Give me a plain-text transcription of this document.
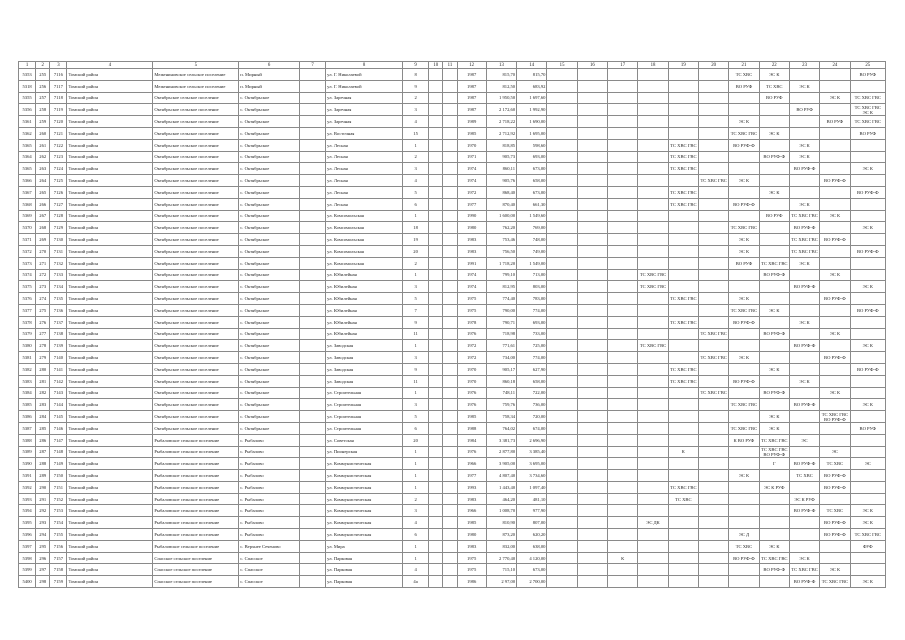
1	2	3	4	5	6	7	8	9	10	11	12	13	14	15	16	17	18	19	20	21	22	23	24	25
5353	255	7116	Томский район	Межениновское сельское поселение	п. Мирный		ул. Г. Николаевой	8			1987	815,70	815,70							ТС ХВС	ЭС К			ВО РУФ
5318	256	7117	Томский район	Межениновское сельское поселение	п. Мирный		ул. Г. Николаевой	9			1987	812,50	683,92							ВО РУФ	ТС ХВС	ЭС К		
5355	257	7118	Томский район	Октябрьское сельское поселение	с. Октябрьское		ул. Заречная	2			1987	1 950,50	1 697,60								ВО РУФ		ЭС К	ТС ХВС ГВС
5356	258	7119	Томский район	Октябрьское сельское поселение	с. Октябрьское		ул. Заречная	3			1987	2 172,60	1 992,90									ВО РУФ		ТС ХВС ГВС ЭС К
5361	259	7120	Томский район	Октябрьское сельское поселение	с. Октябрьское		ул. Заречная	4			1989	2 718,22	1 690,00							ЭС К			ВО РУФ	ТС ХВС ГВС
5362	260	7121	Томский район	Октябрьское сельское поселение	с. Октябрьское		ул. Восточная	15			1985	2 712,92	1 695,00							ТС ХВС ГВС	ЭС К			ВО РУФ
5365	261	7122	Томский район	Октябрьское сельское поселение	с. Октябрьское		ул. Лесная	1			1970	818,85	598,60					ТС ХВС ГВС		ВО РУФ-Ф		ЭС К		
5364	262	7123	Томский район	Октябрьское сельское поселение	с. Октябрьское		ул. Лесная	2			1971	905,73	693,00					ТС ХВС ГВС			ВО РУФ-Ф	ЭС К		
5365	263	7124	Томский район	Октябрьское сельское поселение	с. Октябрьское		ул. Лесная	3			1974	860,11	673,00					ТС ХВС ГВС				ВО РУФ-Ф		ЭС К
5366	264	7125	Томский район	Октябрьское сельское поселение	с. Октябрьское		ул. Лесная	4			1974	905,76	658,00						ТС ХВС ГВС	ЭС К			ВО РУФ-Ф	
5367	265	7126	Томский район	Октябрьское сельское поселение	с. Октябрьское		ул. Лесная	5			1972	868,40	673,00					ТС ХВС ГВС			ЭС К			ВО РУФ-Ф
5368	266	7127	Томский район	Октябрьское сельское поселение	с. Октябрьское		ул. Лесная	6			1977	870,40	661,30					ТС ХВС ГВС		ВО РУФ-Ф		ЭС К		
5369	267	7128	Томский район	Октябрьское сельское поселение	с. Октябрьское		ул. Комсомольская	1			1990	1 600,00	1 549,60								ВО РУФ	ТС ХВС ГВС	ЭС К	
5370	268	7129	Томский район	Октябрьское сельское поселение	с. Октябрьское		ул. Комсомольская	18			1980	762,20	769,00							ТС ХВС ГВС		ВО РУФ-Ф		ЭС К
5371	269	7130	Томский район	Октябрьское сельское поселение	с. Октябрьское		ул. Комсомольская	19			1983	753,46	748,00							ЭС К		ТС ХВС ГВС	ВО РУФ-Ф	
5372	270	7131	Томский район	Октябрьское сельское поселение	с. Октябрьское		ул. Комсомольская	20			1983	756,50	749,00							ЭС К		ТС ХВС ГВС		ВО РУФ-Ф
5373	271	7132	Томский район	Октябрьское сельское поселение	с. Октябрьское		ул. Комсомольская	2			1991	1 718,20	1 549,00							ВО РУФ	ТС ХВС ГВС	ЭС К		
5374	272	7133	Томский район	Октябрьское сельское поселение	с. Октябрьское		ул. Юбилейная	1			1974	799,10	713,00				ТС ХВС ГВС				ВО РУФ-Ф		ЭС К	
5375	273	7134	Томский район	Октябрьское сельское поселение	с. Октябрьское		ул. Юбилейная	3			1974	812,95	803,00				ТС ХВС ГВС					ВО РУФ-Ф		ЭС К
5376	274	7135	Томский район	Октябрьское сельское поселение	с. Октябрьское		ул. Юбилейная	5			1975	774,40	783,00					ТС ХВС ГВС		ЭС К			ВО РУФ-Ф	
5377	275	7136	Томский район	Октябрьское сельское поселение	с. Октябрьское		ул. Юбилейная	7			1975	790,00	774,00							ТС ХВС ГВС	ЭС К			ВО РУФ-Ф
5378	276	7137	Томский район	Октябрьское сельское поселение	с. Октябрьское		ул. Юбилейная	9			1978	790,71	693,00					ТС ХВС ГВС		ВО РУФ-Ф		ЭС К		
5379	277	7138	Томский район	Октябрьское сельское поселение	с. Октябрьское		ул. Юбилейная	11			1976	718,98	733,00						ТС ХВС ГВС		ВО РУФ-Ф		ЭС К	
5380	278	7139	Томский район	Октябрьское сельское поселение	с. Октябрьское		ул. Заводская	1			1972	771,61	725,00				ТС ХВС ГВС					ВО РУФ-Ф		ЭС К
5381	279	7140	Томский район	Октябрьское сельское поселение	с. Октябрьское		ул. Заводская	3			1972	734,00	774,00						ТС ХВС ГВС	ЭС К			ВО РУФ-Ф	
5382	280	7141	Томский район	Октябрьское сельское поселение	с. Октябрьское		ул. Заводская	9			1970	905,17	627,90					ТС ХВС ГВС			ЭС К			ВО РУФ-Ф
5383	281	7142	Томский район	Октябрьское сельское поселение	с. Октябрьское		ул. Заводская	11			1970	860,18	658,00					ТС ХВС ГВС		ВО РУФ-Ф		ЭС К		
5384	282	7143	Томский район	Октябрьское сельское поселение	с. Октябрьское		ул. Строительная	1			1976	748,11	722,00						ТС ХВС ГВС		ВО РУФ-Ф		ЭС К	
5385	283	7144	Томский район	Октябрьское сельское поселение	с. Октябрьское		ул. Строительная	3			1976	759,76	736,00							ТС ХВС ГВС		ВО РУФ-Ф		ЭС К
5386	284	7145	Томский район	Октябрьское сельское поселение	с. Октябрьское		ул. Строительная	5			1985	758,34	720,00								ЭС К		ТС ХВС ГВС ВО РУФ-Ф	
5387	285	7146	Томский район	Октябрьское сельское поселение	с. Октябрьское		ул. Строительная	6			1988	764,02	674,00							ТС ХВС ГВС	ЭС К			ВО РУФ
5388	286	7147	Томский район	Рыбаловское сельское поселение	с. Рыбалово		ул. Советская	20			1984	3 381,73	2 696,90							К ВО РУФ	ТС ХВС ГВС	ЭС		
5389	287	7148	Томский район	Рыбаловское сельское поселение	с. Рыбалово		ул. Пионерская	1			1976	2 877,80	3 385,40					К			ТС ХВС ГВС ВО РУФ-Ф		ЭС	
5390	288	7149	Томский район	Рыбаловское сельское поселение	с. Рыбалово		ул. Коммунистическая	1			1966	3 905,00	3 695,00								Г	ВО РУФ-Ф	ТС ХВС	ЭС
5391	289	7150	Томский район	Рыбаловское сельское поселение	с. Рыбалово		ул. Коммунистическая	1			1977	4 807,40	3 734,60							ЭС К		ТС ХВС	ВО РУФ-Ф	
5392	290	7151	Томский район	Рыбаловское сельское поселение	с. Рыбалово		ул. Коммунистическая	1			1993	1 443,40	1 097,40					ТС ХВС ГВС			ЭС К РУФ		ВО РУФ-Ф	
5393	291	7152	Томский район	Рыбаловское сельское поселение	с. Рыбалово		ул. Коммунистическая	2			1983	464,20	481,10					ТС ХВС				ЭС К РУФ		
5394	292	7153	Томский район	Рыбаловское сельское поселение	с. Рыбалово		ул. Коммунистическая	3			1966	1 008,70	977,90									ВО РУФ-Ф	ТС ХВС	ЭС К
5395	293	7154	Томский район	Рыбаловское сельское поселение	с. Рыбалово		ул. Коммунистическая	4			1985	810,90	807,00				ЭС ДК						ВО РУФ-Ф	ЭС К
5396	294	7155	Томский район	Рыбаловское сельское поселение	с. Рыбалово		ул. Коммунистическая	6			1980	873,20	620,20							ЭС Д			ВО РУФ-Ф	ТС ХВС ГВС
5397	295	7156	Томский район	Рыбаловское сельское поселение	с. Верхнее Сеченово		ул. Мира	1			1983	832,00	638,00							ТС ХВС	ЭС К			ФУФ
5398	296	7157	Томский район	Спасское сельское поселение	с. Спасское		ул. Парковая	1			1975	2 770,40	4 120,00			К				ВО РУФ-Ф	ТС ХВС ГВС	ЭС К		
5399	297	7158	Томский район	Спасское сельское поселение	с. Спасское		ул. Парковая	4			1975	715,10	673,00								ВО РУФ-Ф	ТС ХВС ГВС	ЭС К	
5400	298	7159	Томский район	Спасское сельское поселение	с. Спасское		ул. Парковая	4а			1986	2 97,00	2 700,00									ВО РУФ-Ф	ТС ХВС ГВС	ЭС К
